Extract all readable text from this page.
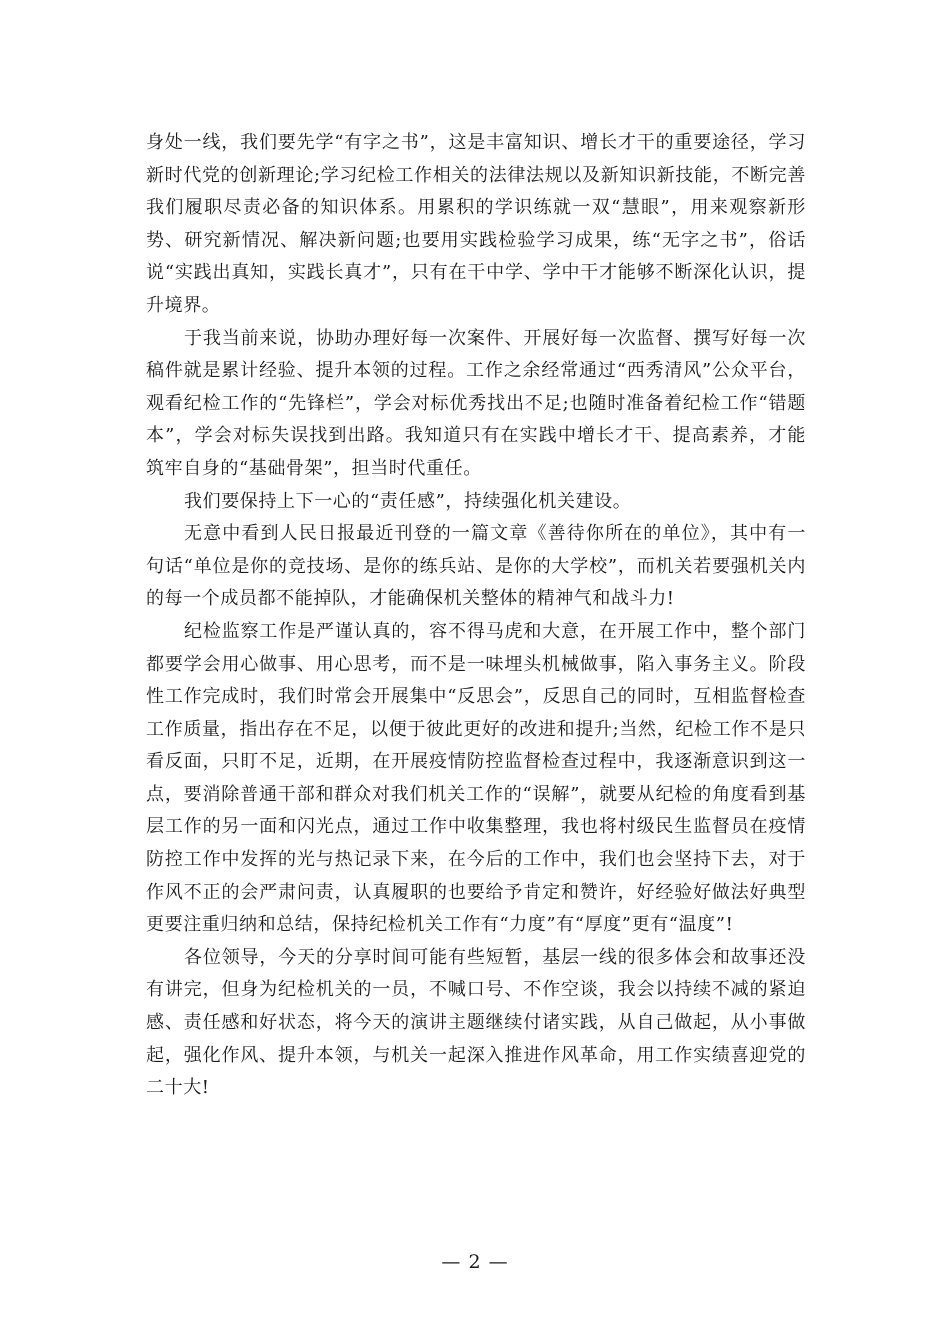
身处一线，我们要先学“有字之书”，这是丰富知识、增长才干的重要途径，学习新时代党的创新理论;学习纪检工作相关的法律法规以及新知识新技能，不断完善我们履职尽责必备的知识体系。用累积的学识练就一双“慧眼”，用来观察新形势、研究新情况、解决新问题;也要用实践检验学习成果，练“无字之书”，俗话说“实践出真知，实践长真才”，只有在干中学、学中干才能够不断深化认识，提升境界。

于我当前来说，协助办理好每一次案件、开展好每一次监督、撰写好每一次稿件就是累计经验、提升本领的过程。工作之余经常通过“西秀清风”公众平台，观看纪检工作的“先锋栏”，学会对标优秀找出不足;也随时准备着纪检工作“错题本”，学会对标失误找到出路。我知道只有在实践中增长才干、提高素养，才能筑牢自身的“基础骨架”，担当时代重任。

我们要保持上下一心的“责任感”，持续强化机关建设。

无意中看到人民日报最近刊登的一篇文章《善待你所在的单位》，其中有一句话“单位是你的竞技场、是你的练兵站、是你的大学校”，而机关若要强机关内的每一个成员都不能掉队，才能确保机关整体的精神气和战斗力!

纪检监察工作是严谨认真的，容不得马虎和大意，在开展工作中，整个部门都要学会用心做事、用心思考，而不是一味埋头机械做事，陷入事务主义。阶段性工作完成时，我们时常会开展集中“反思会”，反思自己的同时，互相监督检查工作质量，指出存在不足，以便于彼此更好的改进和提升;当然，纪检工作不是只看反面，只盯不足，近期，在开展疫情防控监督检查过程中，我逐渐意识到这一点，要消除普通干部和群众对我们机关工作的“误解”，就要从纪检的角度看到基层工作的另一面和闪光点，通过工作中收集整理，我也将村级民生监督员在疫情防控工作中发挥的光与热记录下来，在今后的工作中，我们也会坚持下去，对于作风不正的会严肃问责，认真履职的也要给予肯定和赞许，好经验好做法好典型更要注重归纳和总结，保持纪检机关工作有“力度”有“厚度”更有“温度”!

各位领导，今天的分享时间可能有些短暂，基层一线的很多体会和故事还没有讲完，但身为纪检机关的一员，不喊口号、不作空谈，我会以持续不减的紧迫感、责任感和好状态，将今天的演讲主题继续付诸实践，从自己做起，从小事做起，强化作风、提升本领，与机关一起深入推进作风革命，用工作实绩喜迎党的二十大!

— 2 —
